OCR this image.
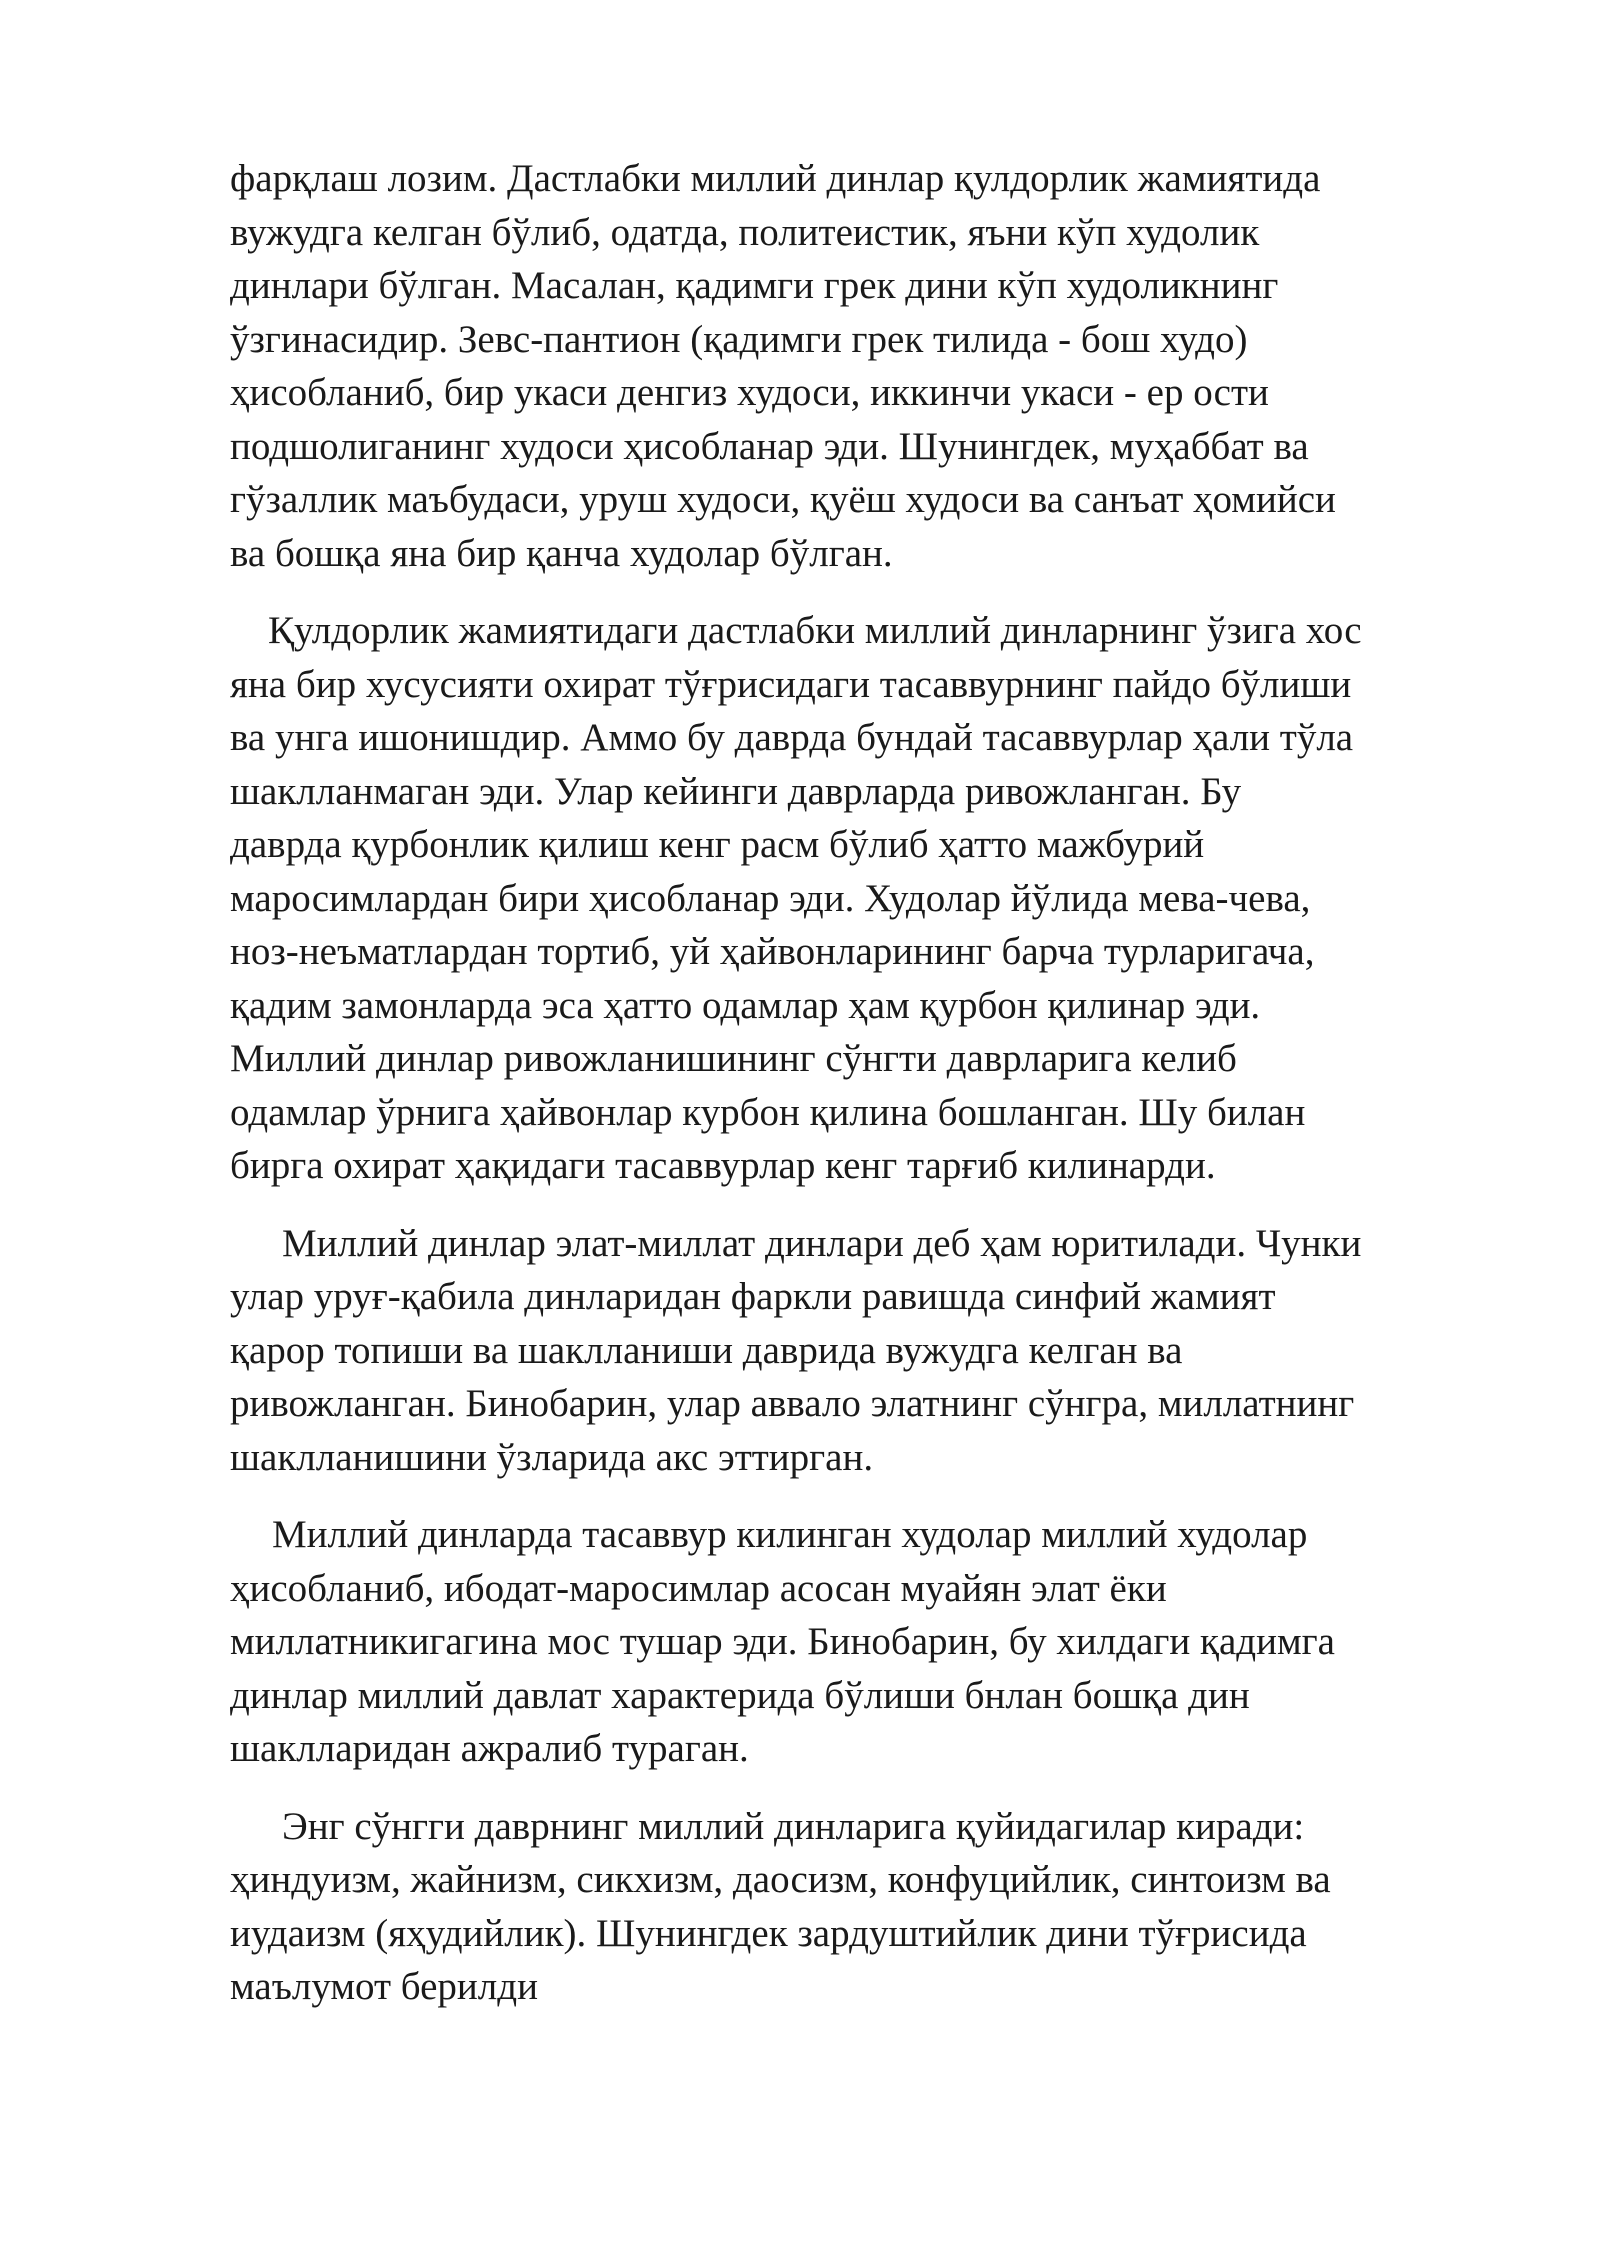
фарқлаш лозим. Дастлабки миллий динлар қулдорлик жамиятида
вужудга келган бўлиб, одатда, политеистик, яъни кўп худолик
динлари бўлган. Масалан, қадимги грек дини кўп худоликнинг
ўзгинасидир. Зевс-пантион (қадимги грек тилида - бош худо)
ҳисобланиб, бир укаси денгиз худоси, иккинчи укаси - ер ости
подшолиганинг худоси ҳисобланар эди. Шунингдек, муҳаббат ва
гўзаллик маъбудаси, уруш худоси, қуёш худоси ва санъат ҳомийси
ва бошқа яна бир қанча худолар бўлган.
Қулдорлик жамиятидаги дастлабки миллий динларнинг ўзига хос
яна бир хусусияти охират тўғрисидаги тасаввурнинг пайдо бўлиши
ва унга ишонишдир. Аммо бу даврда бундай тасаввурлар ҳали тўла
шаклланмаган эди. Улар кейинги даврларда ривожланган. Бу
даврда қурбонлик қилиш кенг расм бўлиб ҳатто мажбурий
маросимлардан бири ҳисобланар эди. Худолар йўлида мева-чева,
ноз-неъматлардан тортиб, уй ҳайвонларининг барча турларигача,
қадим замонларда эса ҳатто одамлар ҳам қурбон қилинар эди.
Миллий динлар ривожланишининг сўнгти даврларига келиб
одамлар ўрнига ҳайвонлар курбон қилина бошланган. Шу билан
бирга охират ҳақидаги тасаввурлар кенг тарғиб килинарди.
Миллий динлар элат-миллат динлари деб ҳам юритилади. Чунки
улар уруғ-қабила динларидан фаркли равишда синфий жамият
қарор топиши ва шаклланиши даврида вужудга келган ва
ривожланган. Бинобарин, улар аввало элатнинг сўнгра, миллатнинг
шаклланишини ўзларида акс эттирган.
Миллий динларда тасаввур килинган худолар миллий худолар
ҳисобланиб, ибодат-маросимлар асосан муайян элат ёки
миллатникигагина мос тушар эди. Бинобарин, бу хилдаги қадимга
динлар миллий давлат характерида бўлиши бнлан бошқа дин
шаклларидан ажралиб тураган.
Энг сўнгги даврнинг миллий динларига қуйидагилар киради:
ҳиндуизм, жайнизм, сикхизм, даосизм, конфуцийлик, синтоизм ва
иудаизм (яҳудийлик). Шунингдек зардуштийлик дини тўғрисида
маълумот берилди
